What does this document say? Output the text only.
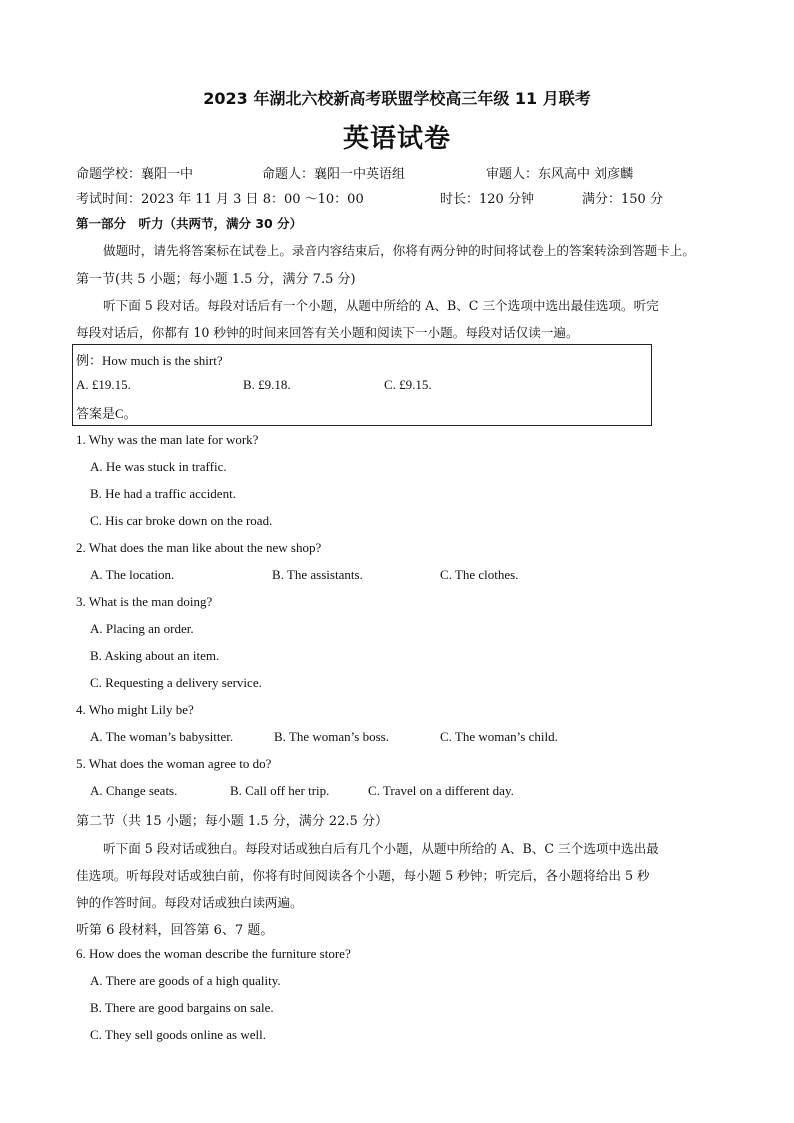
2023 年湖北六校新高考联盟学校高三年级 11 月联考
英语试卷
命题学校：襄阳一中	命题人：襄阳一中英语组	审题人：东风高中 刘彦麟
考试时间：2023 年 11 月 3 日 8：00 ～10：00	时长：120 分钟	满分：150 分
第一部分　听力（共两节，满分 30 分）
做题时，请先将答案标在试卷上。录音内容结束后，你将有两分钟的时间将试卷上的答案转涂到答题卡上。
第一节(共 5 小题；每小题 1.5 分，满分 7.5 分)
听下面 5 段对话。每段对话后有一个小题，从题中所给的 A、B、C 三个选项中选出最佳选项。听完
每段对话后，你都有 10 秒钟的时间来回答有关小题和阅读下一小题。每段对话仅读一遍。
例：How much is the shirt?
A. £19.15.	B. £9.18.	C. £9.15.
答案是C。
1. Why was the man late for work?
A. He was stuck in traffic.
B. He had a traffic accident.
C. His car broke down on the road.
2. What does the man like about the new shop?
A. The location.	B. The assistants.	C. The clothes.
3. What is the man doing?
A. Placing an order.
B. Asking about an item.
C. Requesting a delivery service.
4. Who might Lily be?
A. The woman’s babysitter.	B. The woman’s boss.	C. The woman’s child.
5. What does the woman agree to do?
A. Change seats.	B. Call off her trip.	C. Travel on a different day.
第二节（共 15 小题；每小题 1.5 分，满分 22.5 分）
听下面 5 段对话或独白。每段对话或独白后有几个小题，从题中所给的 A、B、C 三个选项中选出最
佳选项。听每段对话或独白前，你将有时间阅读各个小题，每小题 5 秒钟；听完后，各小题将给出 5 秒
钟的作答时间。每段对话或独白读两遍。
听第 6 段材料，回答第 6、7 题。
6. How does the woman describe the furniture store?
A. There are goods of a high quality.
B. There are good bargains on sale.
C. They sell goods online as well.
